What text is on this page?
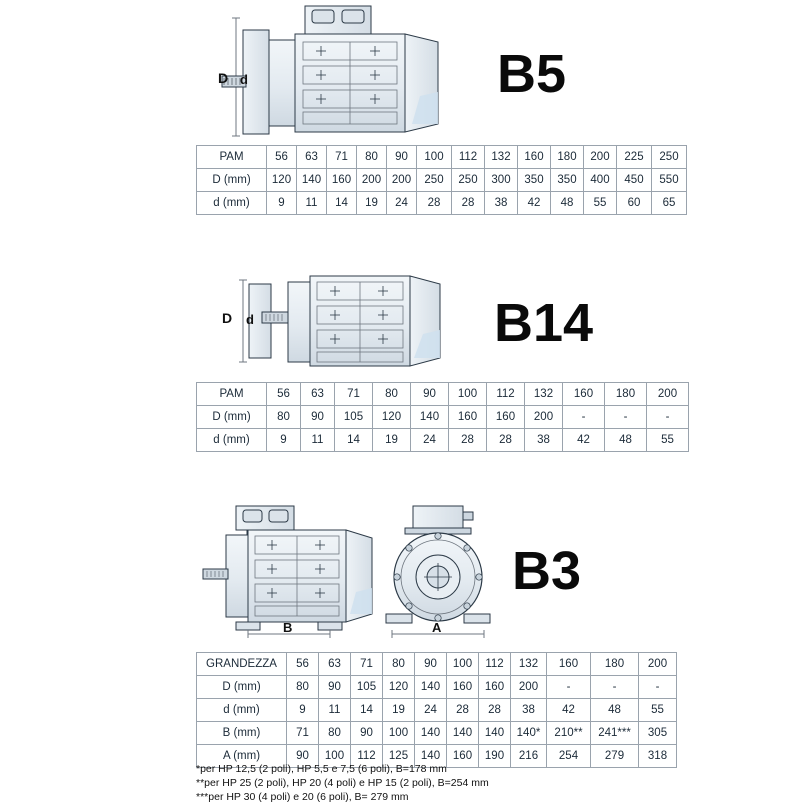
B5
D d
PAM	56	63	71	80	90	100	112	132	160	180	200	225	250
D (mm)	120	140	160	200	200	250	250	300	350	350	400	450	550
d (mm)	9	11	14	19	24	28	28	38	42	48	55	60	65
B14
D d
PAM	56	63	71	80	90	100	112	132	160	180	200
D (mm)	80	90	105	120	140	160	160	200	-	-	-
d (mm)	9	11	14	19	24	28	28	38	42	48	55
B3
B	A
GRANDEZZA	56	63	71	80	90	100	112	132	160	180	200
D (mm)	80	90	105	120	140	160	160	200	-	-	-
d (mm)	9	11	14	19	24	28	28	38	42	48	55
B (mm)	71	80	90	100	140	140	140	140*	210**	241***	305
A (mm)	90	100	112	125	140	160	190	216	254	279	318
*per HP 12,5 (2 poli), HP 5,5 e 7,5 (6 poli), B=178 mm
**per HP 25 (2 poli), HP 20 (4 poli) e HP 15 (2 poli), B=254 mm
***per HP 30 (4 poli) e 20 (6 poli), B= 279 mm
